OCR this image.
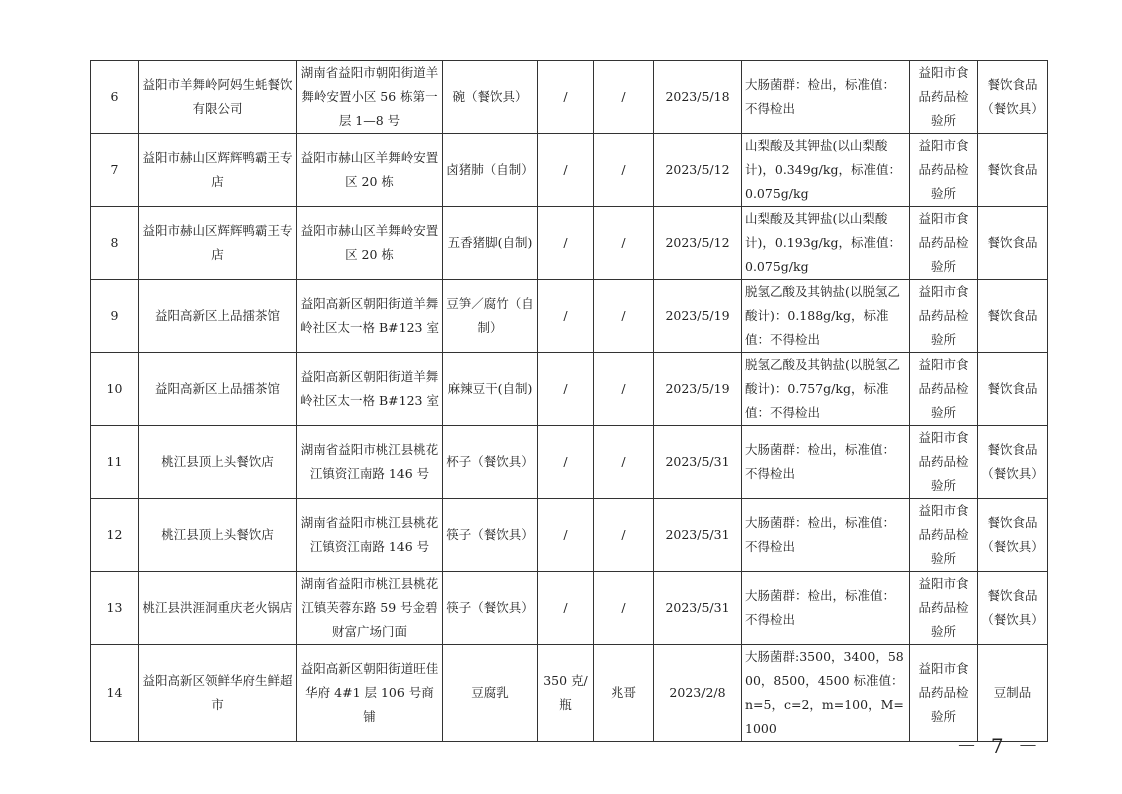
6	益阳市羊舞岭阿妈生蚝餐饮有限公司	湖南省益阳市朝阳街道羊舞岭安置小区 56 栋第一层 1—8 号	碗（餐饮具）	/	/	2023/5/18	大肠菌群：检出，标准值：不得检出	益阳市食品药品检验所	餐饮食品（餐饮具）
7	益阳市赫山区辉辉鸭霸王专店	益阳市赫山区羊舞岭安置区 20 栋	卤猪肺（自制）	/	/	2023/5/12	山梨酸及其钾盐(以山梨酸计)，0.349g/kg，标准值：0.075g/kg	益阳市食品药品检验所	餐饮食品
8	益阳市赫山区辉辉鸭霸王专店	益阳市赫山区羊舞岭安置区 20 栋	五香猪脚(自制)	/	/	2023/5/12	山梨酸及其钾盐(以山梨酸计)，0.193g/kg，标准值：0.075g/kg	益阳市食品药品检验所	餐饮食品
9	益阳高新区上品擂茶馆	益阳高新区朝阳街道羊舞岭社区太一格 B#123 室	豆笋／腐竹（自制）	/	/	2023/5/19	脱氢乙酸及其钠盐(以脱氢乙酸计)：0.188g/kg，标准值：不得检出	益阳市食品药品检验所	餐饮食品
10	益阳高新区上品擂茶馆	益阳高新区朝阳街道羊舞岭社区太一格 B#123 室	麻辣豆干(自制)	/	/	2023/5/19	脱氢乙酸及其钠盐(以脱氢乙酸计)：0.757g/kg，标准值：不得检出	益阳市食品药品检验所	餐饮食品
11	桃江县顶上头餐饮店	湖南省益阳市桃江县桃花江镇资江南路 146 号	杯子（餐饮具）	/	/	2023/5/31	大肠菌群：检出，标准值：不得检出	益阳市食品药品检验所	餐饮食品（餐饮具）
12	桃江县顶上头餐饮店	湖南省益阳市桃江县桃花江镇资江南路 146 号	筷子（餐饮具）	/	/	2023/5/31	大肠菌群：检出，标准值：不得检出	益阳市食品药品检验所	餐饮食品（餐饮具）
13	桃江县洪涯洞重庆老火锅店	湖南省益阳市桃江县桃花江镇芙蓉东路 59 号金碧财富广场门面	筷子（餐饮具）	/	/	2023/5/31	大肠菌群：检出，标准值：不得检出	益阳市食品药品检验所	餐饮食品（餐饮具）
14	益阳高新区领鲜华府生鲜超市	益阳高新区朝阳街道旺佳华府 4#1 层 106 号商铺	豆腐乳	350 克/瓶	兆哥	2023/2/8	大肠菌群:3500，3400，5800，8500，4500 标准值：n=5，c=2，m=100，M=1000	益阳市食品药品检验所	豆制品
－ 7 －
